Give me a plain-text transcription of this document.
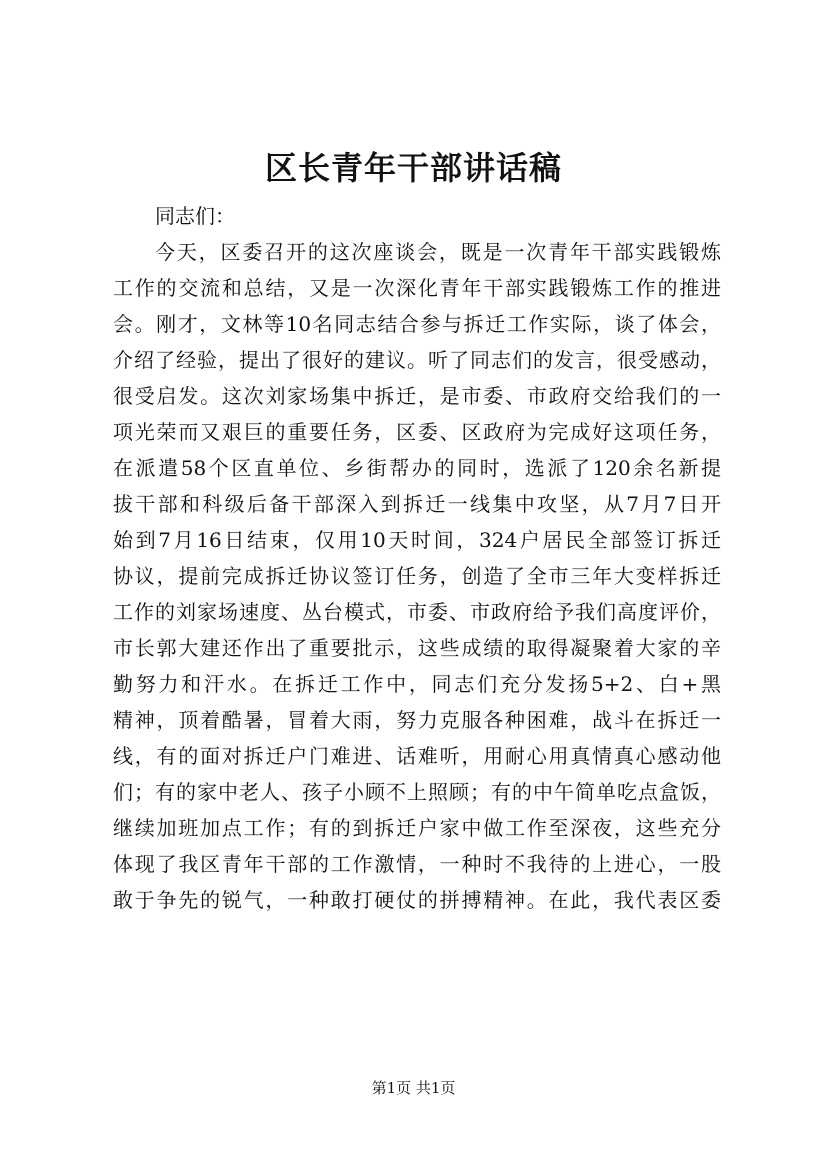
区长青年干部讲话稿
同志们：
今天，区委召开的这次座谈会，既是一次青年干部实践锻炼
工作的交流和总结，又是一次深化青年干部实践锻炼工作的推进
会。刚才，文林等10名同志结合参与拆迁工作实际，谈了体会，
介绍了经验，提出了很好的建议。听了同志们的发言，很受感动，
很受启发。这次刘家场集中拆迁，是市委、市政府交给我们的一
项光荣而又艰巨的重要任务，区委、区政府为完成好这项任务，
在派遣58个区直单位、乡街帮办的同时，选派了120余名新提
拔干部和科级后备干部深入到拆迁一线集中攻坚，从7月7日开
始到7月16日结束，仅用10天时间，324户居民全部签订拆迁
协议，提前完成拆迁协议签订任务，创造了全市三年大变样拆迁
工作的刘家场速度、丛台模式，市委、市政府给予我们高度评价，
市长郭大建还作出了重要批示，这些成绩的取得凝聚着大家的辛
勤努力和汗水。在拆迁工作中，同志们充分发扬5+2、白+黑
精神，顶着酷暑，冒着大雨，努力克服各种困难，战斗在拆迁一
线，有的面对拆迁户门难进、话难听，用耐心用真情真心感动他
们；有的家中老人、孩子小顾不上照顾；有的中午简单吃点盒饭，
继续加班加点工作；有的到拆迁户家中做工作至深夜，这些充分
体现了我区青年干部的工作激情，一种时不我待的上进心，一股
敢于争先的锐气，一种敢打硬仗的拼搏精神。在此，我代表区委
第1页 共1页
